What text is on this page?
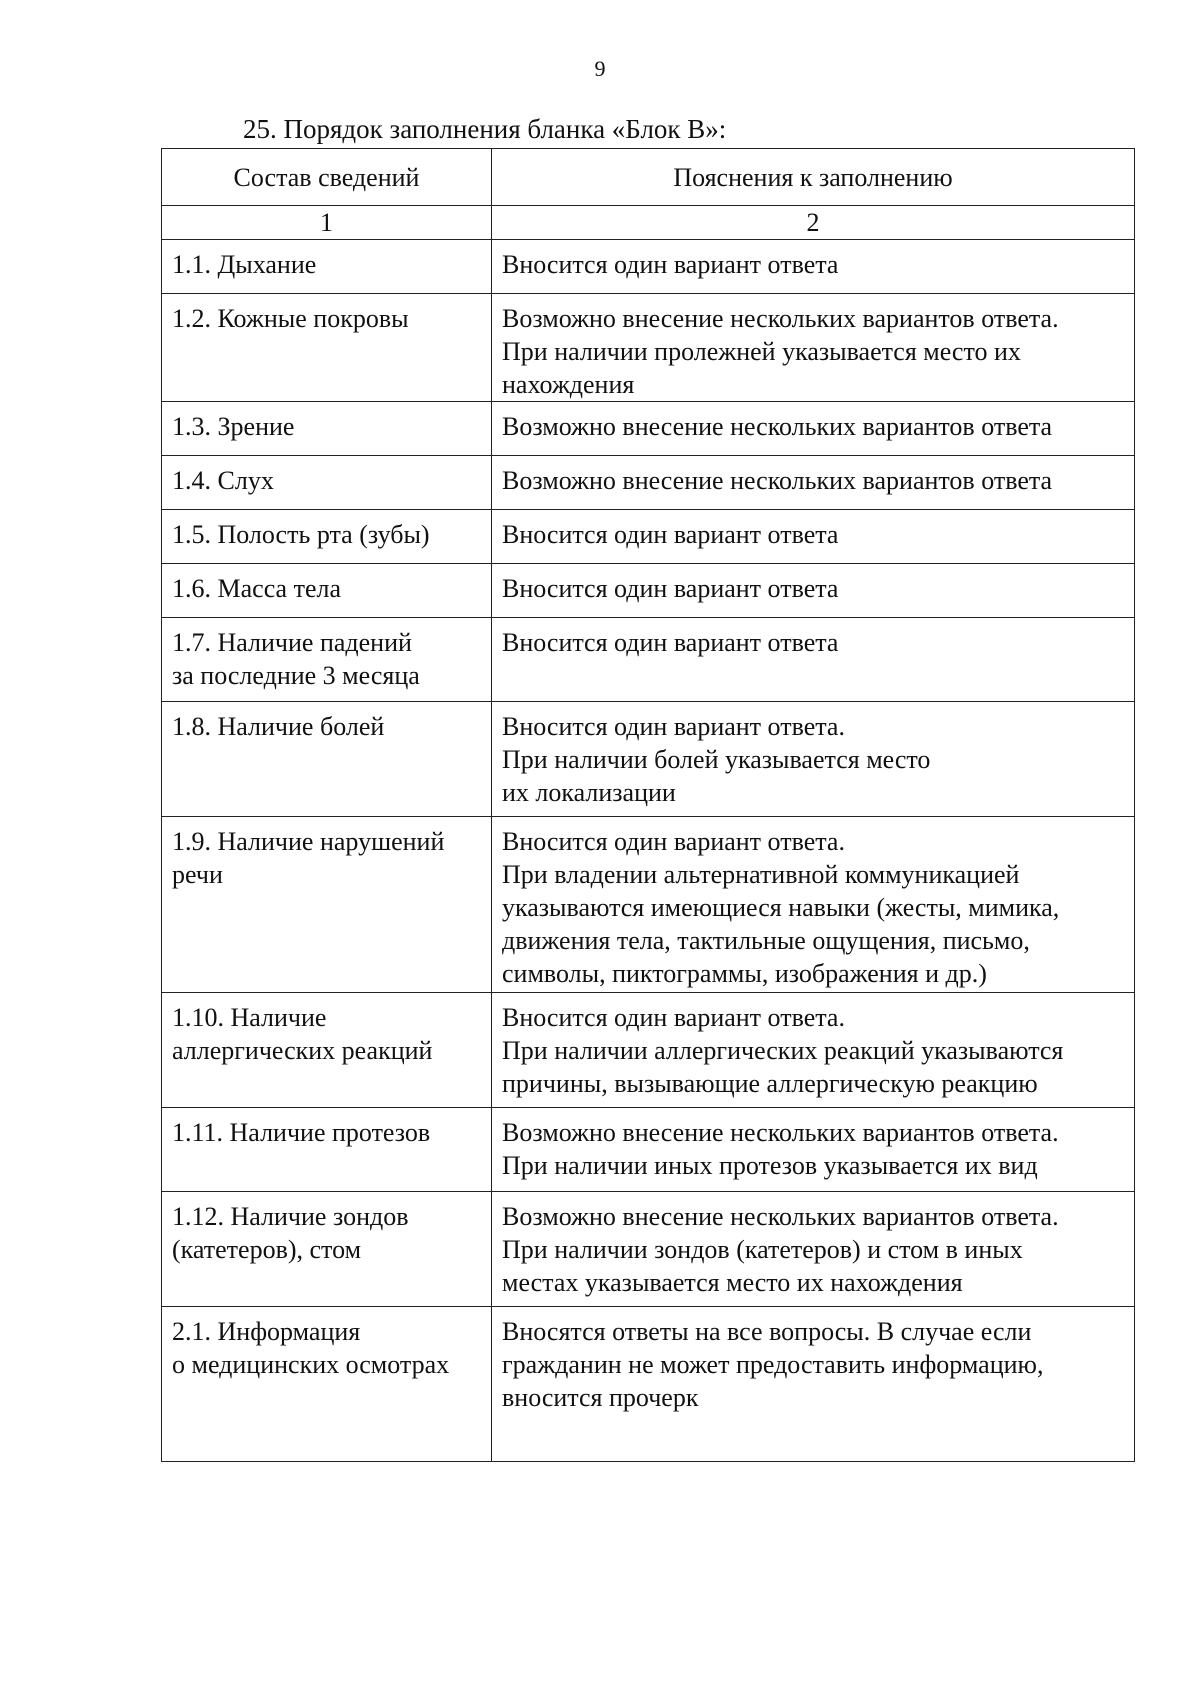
9
25. Порядок заполнения бланка «Блок В»:
Состав сведений	Пояснения к заполнению
1	2

1.1. Дыхание	Вносится один вариант ответа

1.2. Кожные покровы	Возможно внесение нескольких вариантов ответа.
При наличии пролежней указывается место их
нахождения

1.3. Зрение	Возможно внесение нескольких вариантов ответа

1.4. Слух	Возможно внесение нескольких вариантов ответа

1.5. Полость рта (зубы)	Вносится один вариант ответа

1.6. Масса тела	Вносится один вариант ответа

1.7. Наличие падений
за последние 3 месяца	Вносится один вариант ответа

1.8. Наличие болей	Вносится один вариант ответа.
При наличии болей указывается место
их локализации

1.9. Наличие нарушений
речи	Вносится один вариант ответа.
При владении альтернативной коммуникацией
указываются имеющиеся навыки (жесты, мимика,
движения тела, тактильные ощущения, письмо,
символы, пиктограммы, изображения и др.)

1.10. Наличие
аллергических реакций	Вносится один вариант ответа.
При наличии аллергических реакций указываются
причины, вызывающие аллергическую реакцию

1.11. Наличие протезов	Возможно внесение нескольких вариантов ответа.
При наличии иных протезов указывается их вид

1.12. Наличие зондов
(катетеров), стом	Возможно внесение нескольких вариантов ответа.
При наличии зондов (катетеров) и стом в иных
местах указывается место их нахождения

2.1. Информация
о медицинских осмотрах	Вносятся ответы на все вопросы. В случае если
гражданин не может предоставить информацию,
вносится прочерк
